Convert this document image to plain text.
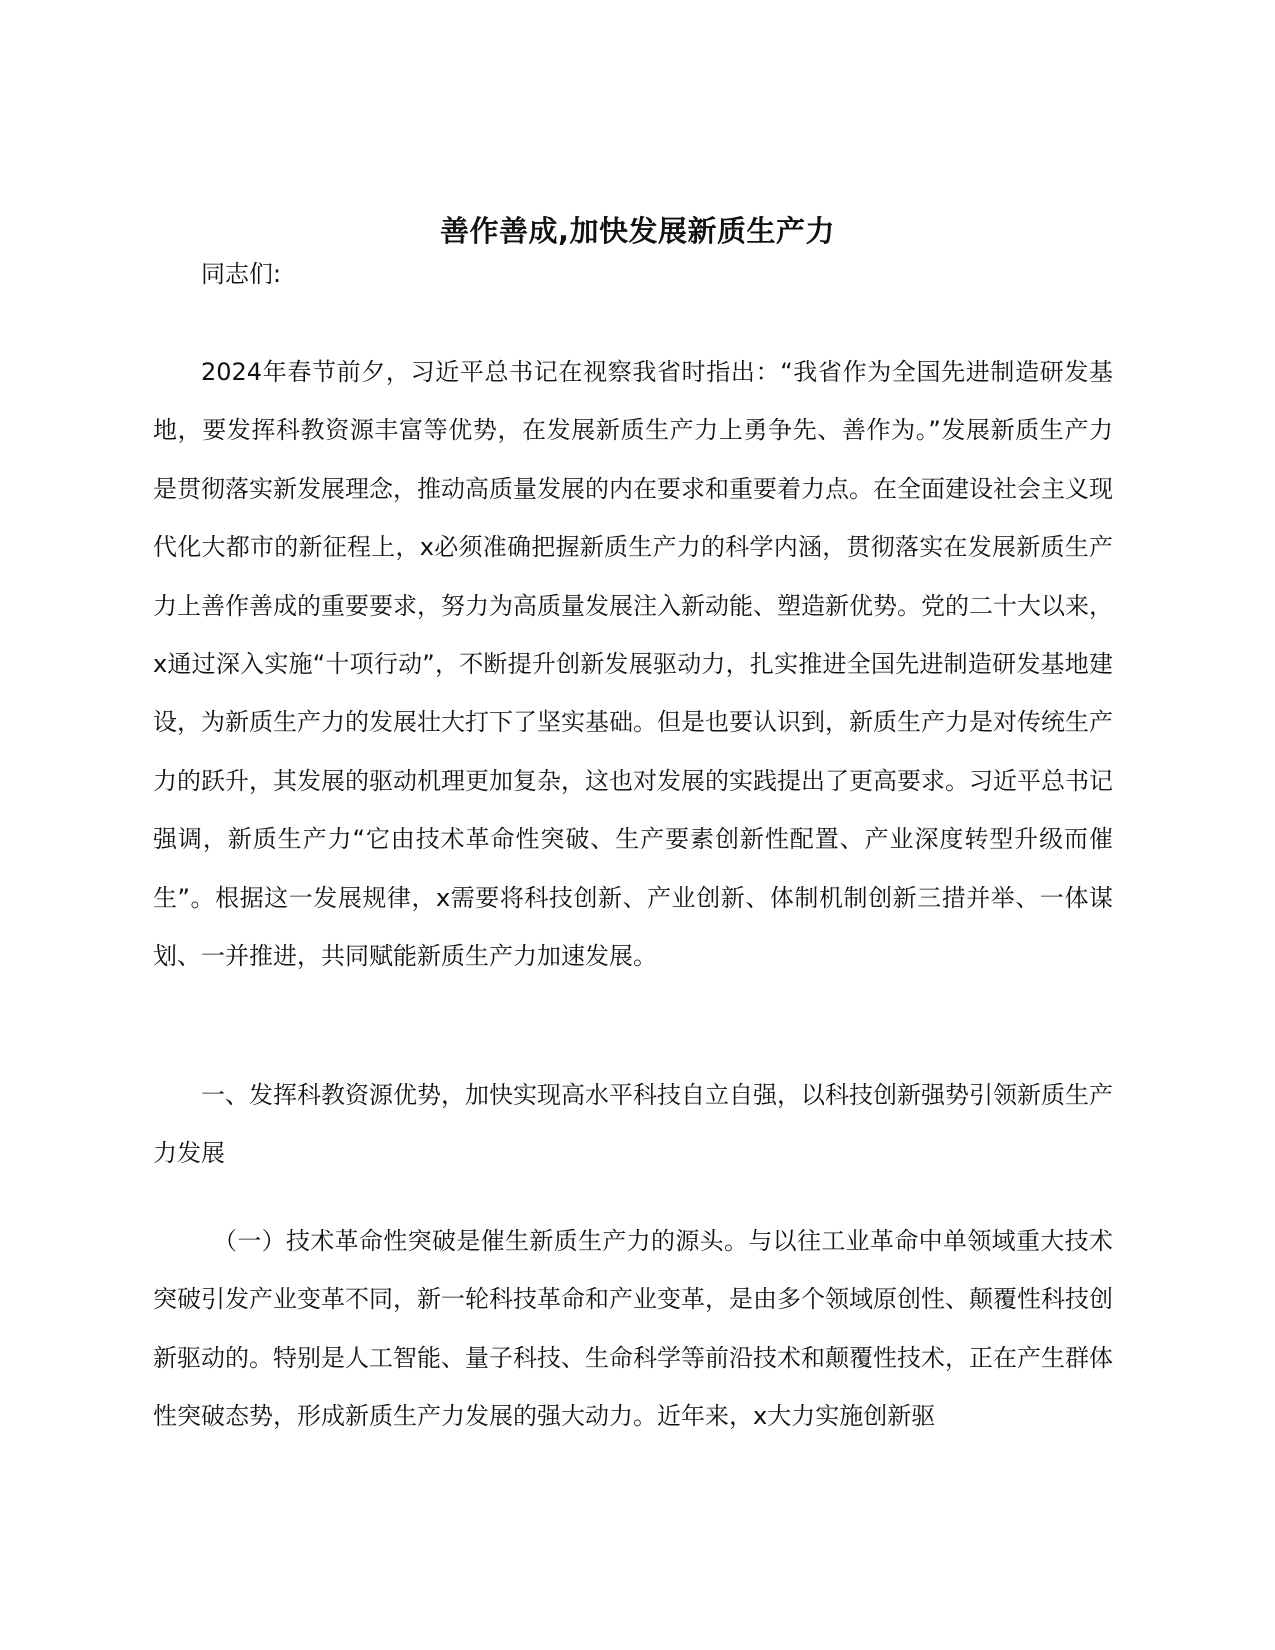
善作善成,加快发展新质生产力

同志们:

2024年春节前夕，习近平总书记在视察我省时指出：“我省作为全国先进制造研发基地，要发挥科教资源丰富等优势，在发展新质生产力上勇争先、善作为。”发展新质生产力是贯彻落实新发展理念，推动高质量发展的内在要求和重要着力点。在全面建设社会主义现代化大都市的新征程上，x必须准确把握新质生产力的科学内涵，贯彻落实在发展新质生产力上善作善成的重要要求，努力为高质量发展注入新动能、塑造新优势。党的二十大以来，x通过深入实施“十项行动”，不断提升创新发展驱动力，扎实推进全国先进制造研发基地建设，为新质生产力的发展壮大打下了坚实基础。但是也要认识到，新质生产力是对传统生产力的跃升，其发展的驱动机理更加复杂，这也对发展的实践提出了更高要求。习近平总书记强调，新质生产力“它由技术革命性突破、生产要素创新性配置、产业深度转型升级而催生”。根据这一发展规律，x需要将科技创新、产业创新、体制机制创新三措并举、一体谋划、一并推进，共同赋能新质生产力加速发展。

一、发挥科教资源优势，加快实现高水平科技自立自强，以科技创新强势引领新质生产力发展

（一）技术革命性突破是催生新质生产力的源头。与以往工业革命中单领域重大技术突破引发产业变革不同，新一轮科技革命和产业变革，是由多个领域原创性、颠覆性科技创新驱动的。特别是人工智能、量子科技、生命科学等前沿技术和颠覆性技术，正在产生群体性突破态势，形成新质生产力发展的强大动力。近年来，x大力实施创新驱
